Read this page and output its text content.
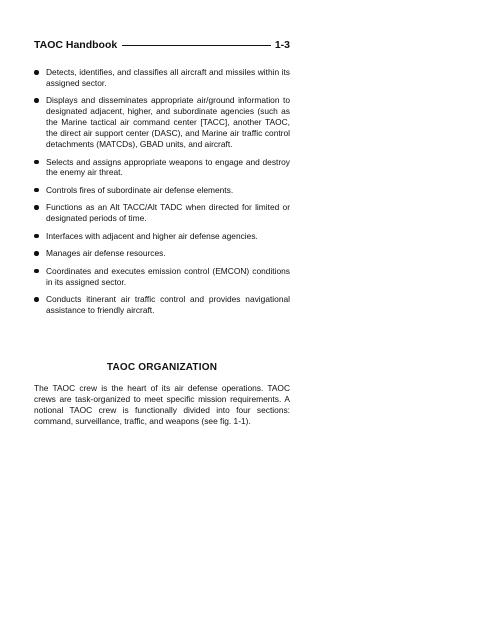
TAOC Handbook	1-3
Detects, identifies, and classifies all aircraft and missiles within its assigned sector.
Displays and disseminates appropriate air/ground information to designated adjacent, higher, and subordinate agencies (such as the Marine tactical air command center [TACC], another TAOC, the direct air support center (DASC), and Marine air traffic control detachments (MATCDs), GBAD units, and aircraft.
Selects and assigns appropriate weapons to engage and destroy the enemy air threat.
Controls fires of subordinate air defense elements.
Functions as an Alt TACC/Alt TADC when directed for limited or designated periods of time.
Interfaces with adjacent and higher air defense agencies.
Manages air defense resources.
Coordinates and executes emission control (EMCON) conditions in its assigned sector.
Conducts itinerant air traffic control and provides navigational assistance to friendly aircraft.
TAOC ORGANIZATION

The TAOC crew is the heart of its air defense operations. TAOC crews are task-organized to meet specific mission requirements. A notional TAOC crew is functionally divided into four sections: command, surveillance, traffic, and weapons (see fig. 1-1).
